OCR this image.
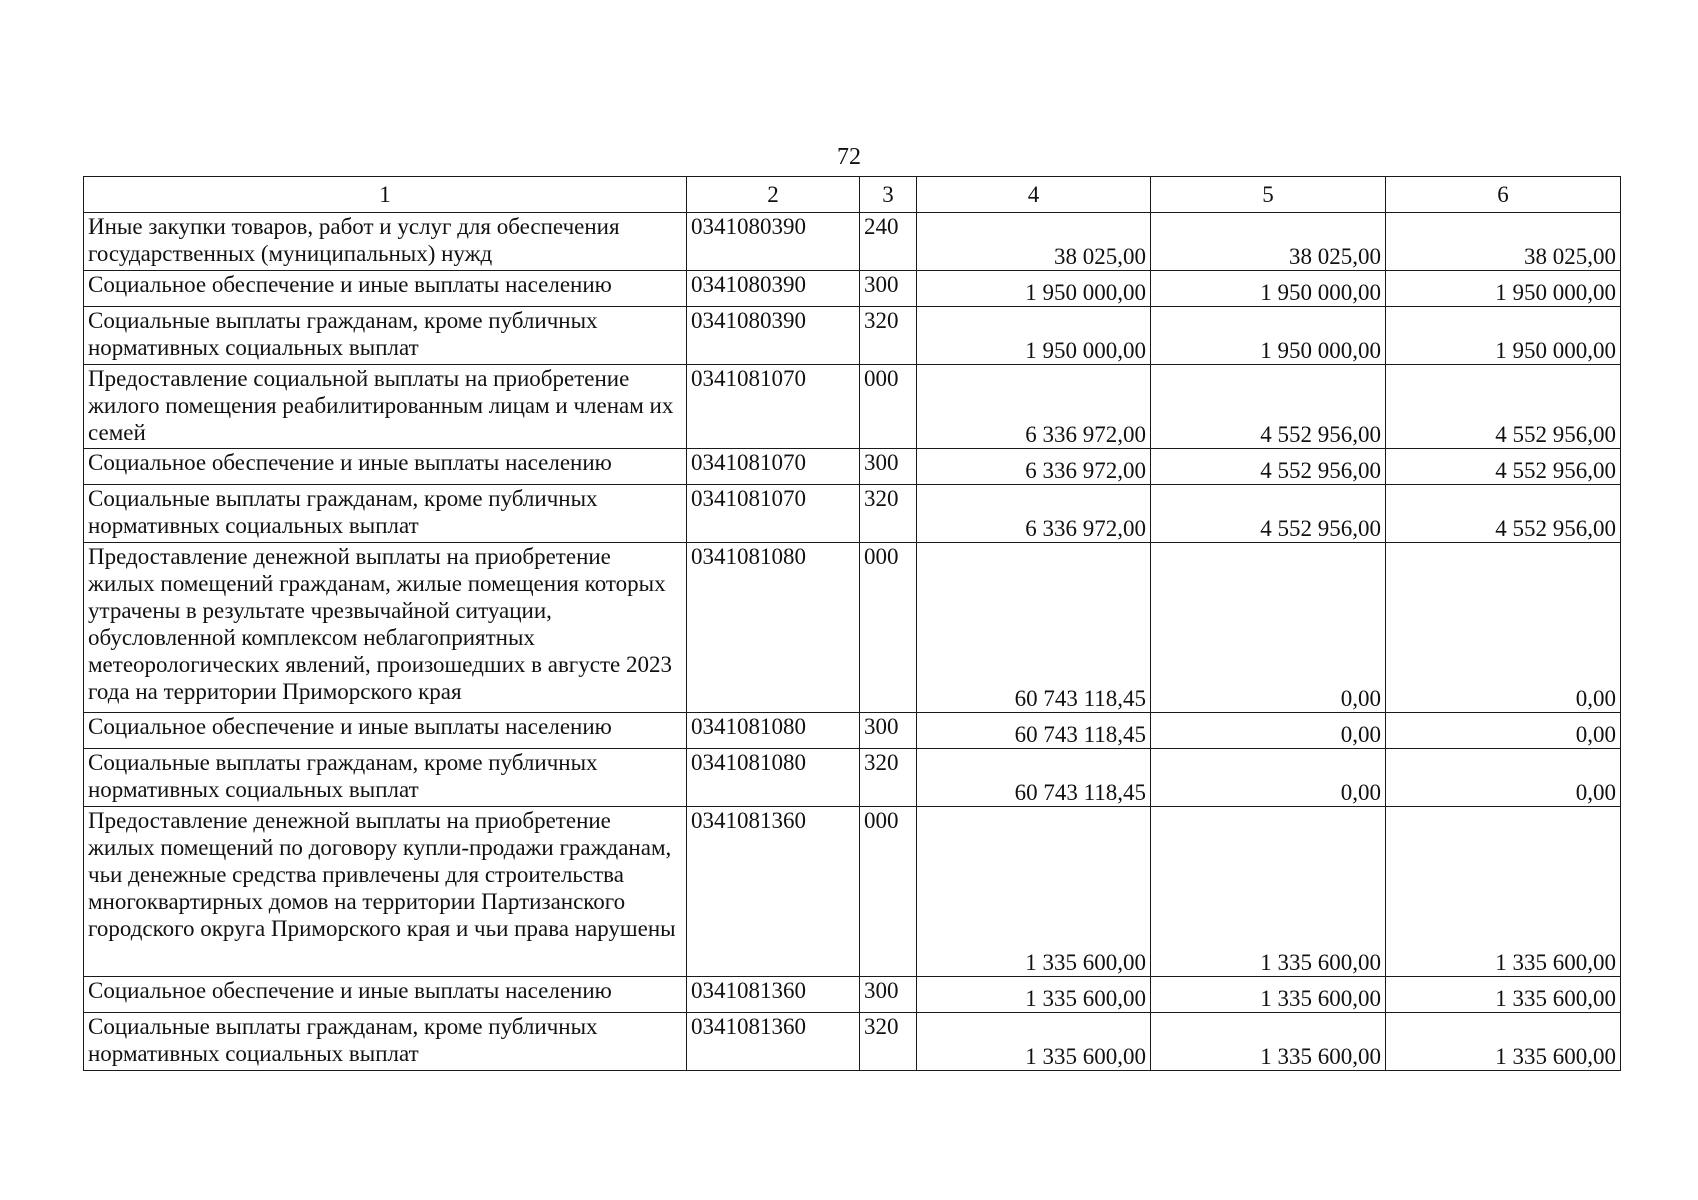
72
1	2	3	4	5	6
Иные закупки товаров, работ и услуг для обеспечения государственных (муниципальных) нужд	0341080390	240	38 025,00	38 025,00	38 025,00
Социальное обеспечение и иные выплаты населению	0341080390	300	1 950 000,00	1 950 000,00	1 950 000,00
Социальные выплаты гражданам, кроме публичных нормативных социальных выплат	0341080390	320	1 950 000,00	1 950 000,00	1 950 000,00
Предоставление социальной выплаты на приобретение жилого помещения реабилитированным лицам и членам их семей	0341081070	000	6 336 972,00	4 552 956,00	4 552 956,00
Социальное обеспечение и иные выплаты населению	0341081070	300	6 336 972,00	4 552 956,00	4 552 956,00
Социальные выплаты гражданам, кроме публичных нормативных социальных выплат	0341081070	320	6 336 972,00	4 552 956,00	4 552 956,00
Предоставление денежной выплаты на приобретение жилых помещений гражданам, жилые помещения которых утрачены в результате чрезвычайной ситуации, обусловленной комплексом неблагоприятных метеорологических явлений, произошедших в августе 2023 года на территории Приморского края	0341081080	000	60 743 118,45	0,00	0,00
Социальное обеспечение и иные выплаты населению	0341081080	300	60 743 118,45	0,00	0,00
Социальные выплаты гражданам, кроме публичных нормативных социальных выплат	0341081080	320	60 743 118,45	0,00	0,00
Предоставление денежной выплаты на приобретение жилых помещений по договору купли-продажи гражданам, чьи денежные средства привлечены для строительства многоквартирных домов на территории Партизанского городского округа Приморского края и чьи права нарушены	0341081360	000	1 335 600,00	1 335 600,00	1 335 600,00
Социальное обеспечение и иные выплаты населению	0341081360	300	1 335 600,00	1 335 600,00	1 335 600,00
Социальные выплаты гражданам, кроме публичных нормативных социальных выплат	0341081360	320	1 335 600,00	1 335 600,00	1 335 600,00
